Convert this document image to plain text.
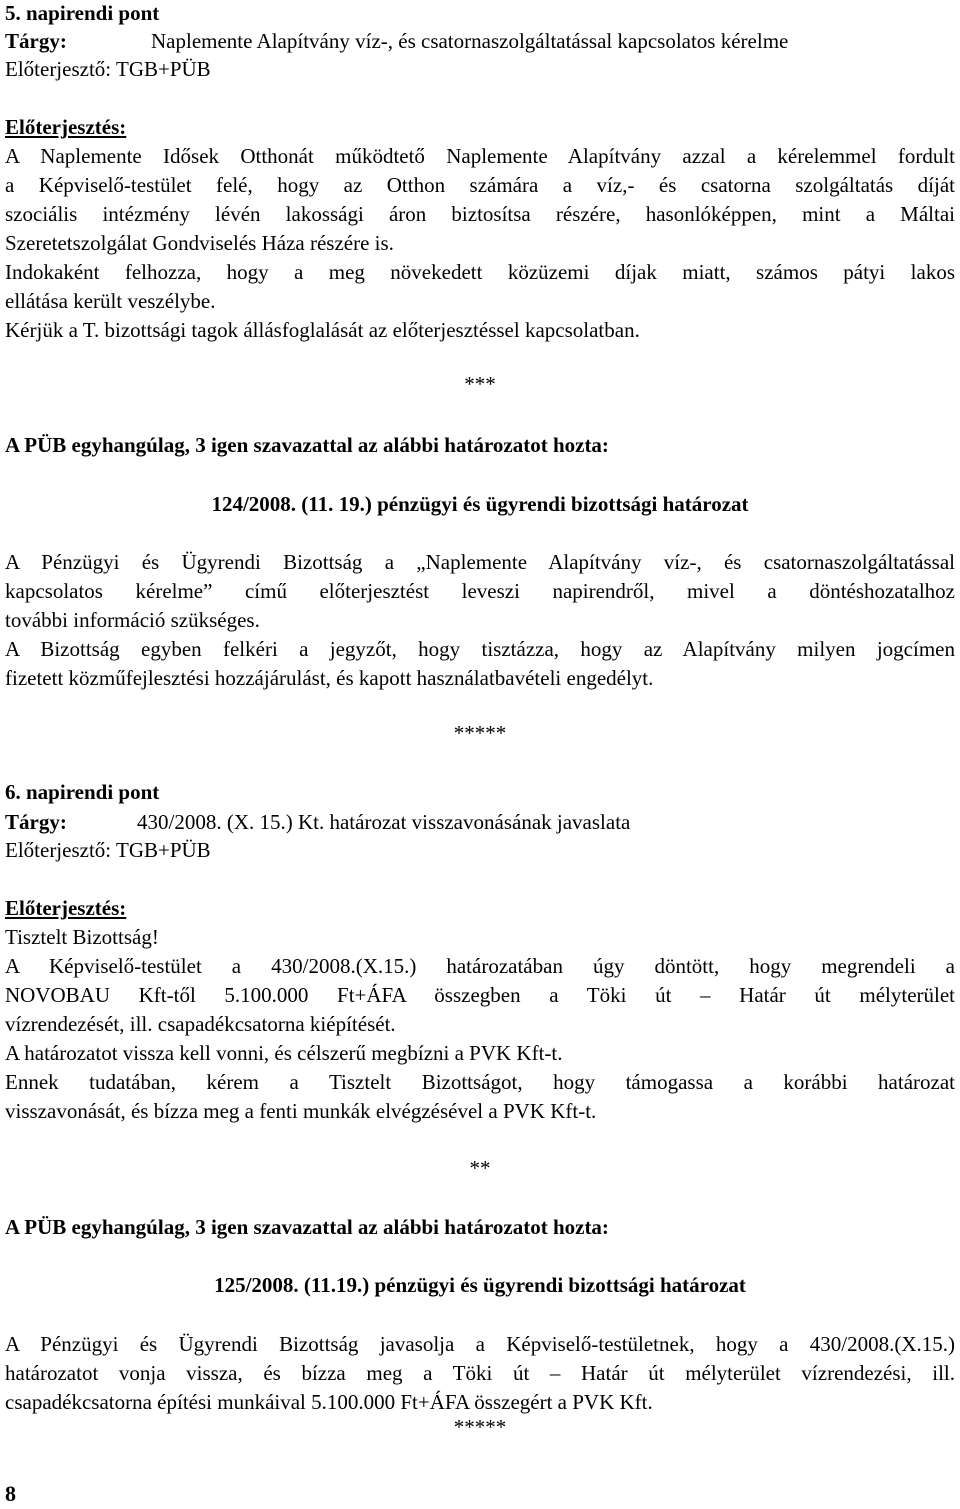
5. napirendi pont
Tárgy:	Naplemente Alapítvány víz-, és csatornaszolgáltatással kapcsolatos kérelme
Előterjesztő: TGB+PÜB
Előterjesztés:
A Naplemente Idősek Otthonát működtető Naplemente Alapítvány azzal a kérelemmel fordult
a Képviselő-testület felé, hogy az Otthon számára a víz,- és csatorna szolgáltatás díját
szociális intézmény lévén lakossági áron biztosítsa részére, hasonlóképpen, mint a Máltai
Szeretetszolgálat Gondviselés Háza részére is.
Indokaként felhozza, hogy a meg növekedett közüzemi díjak miatt, számos pátyi lakos
ellátása került veszélybe.
Kérjük a T. bizottsági tagok állásfoglalását az előterjesztéssel kapcsolatban.
***
A PÜB egyhangúlag, 3 igen szavazattal az alábbi határozatot hozta:
124/2008. (11. 19.) pénzügyi és ügyrendi bizottsági határozat
A Pénzügyi és Ügyrendi Bizottság a „Naplemente Alapítvány víz-, és csatornaszolgáltatással
kapcsolatos kérelme” című előterjesztést leveszi napirendről, mivel a döntéshozatalhoz
további információ szükséges.
A Bizottság egyben felkéri a jegyzőt, hogy tisztázza, hogy az Alapítvány milyen jogcímen
fizetett közműfejlesztési hozzájárulást, és kapott használatbavételi engedélyt.
*****
6. napirendi pont
Tárgy:	430/2008. (X. 15.) Kt. határozat visszavonásának javaslata
Előterjesztő: TGB+PÜB
Előterjesztés:
Tisztelt Bizottság!
A Képviselő-testület a 430/2008.(X.15.) határozatában úgy döntött, hogy megrendeli a
NOVOBAU Kft-től 5.100.000 Ft+ÁFA összegben a Töki út – Határ út mélyterület
vízrendezését, ill. csapadékcsatorna kiépítését.
A határozatot vissza kell vonni, és célszerű megbízni a PVK Kft-t.
Ennek tudatában, kérem a Tisztelt Bizottságot, hogy támogassa a korábbi határozat
visszavonását, és bízza meg a fenti munkák elvégzésével a PVK Kft-t.
**
A PÜB egyhangúlag, 3 igen szavazattal az alábbi határozatot hozta:
125/2008. (11.19.) pénzügyi és ügyrendi bizottsági határozat
A Pénzügyi és Ügyrendi Bizottság javasolja a Képviselő-testületnek, hogy a 430/2008.(X.15.)
határozatot vonja vissza, és bízza meg a Töki út – Határ út mélyterület vízrendezési, ill.
csapadékcsatorna építési munkáival 5.100.000 Ft+ÁFA összegért a PVK Kft.
*****
8
